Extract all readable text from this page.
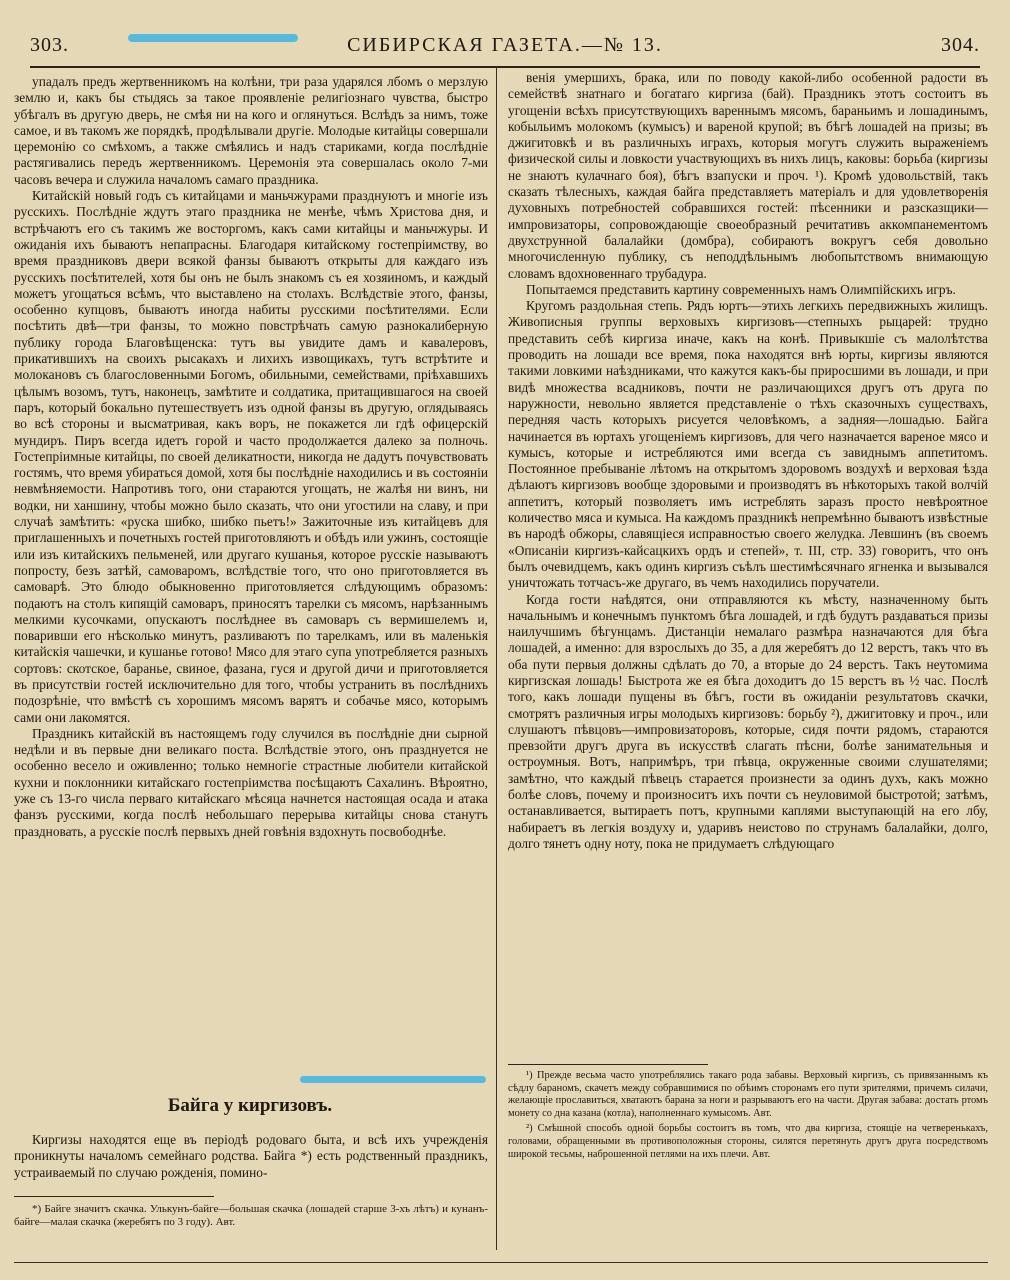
303.	СИБИРСКАЯ ГАЗЕТА.—№ 13.	304.

упадалъ предъ жертвенникомъ на колѣни, три раза ударялся лбомъ о мерзлую землю и, какъ бы стыдясь за такое проявленіе религіознаго чувства, быстро убѣгалъ въ другую дверь, не смѣя ни на кого и оглянуться. Вслѣдъ за нимъ, тоже самое, и въ такомъ же порядкѣ, продѣлывали другіе. Молодые китайцы совершали церемонію со смѣхомъ, а также смѣялись и надъ стариками, когда послѣдніе растягивались передъ жертвенникомъ. Церемонія эта совершалась около 7-ми часовъ вечера и служила началомъ самаго праздника.

Китайскій новый годъ съ китайцами и маньчжурами празднуютъ и многіе изъ русскихъ. Послѣдніе ждутъ этаго праздника не менѣе, чѣмъ Христова дня, и встрѣчаютъ его съ такимъ же восторгомъ, какъ сами китайцы и маньчжуры. И ожиданія ихъ бываютъ непапрасны. Благодаря китайскому гостепріимству, во время праздниковъ двери всякой фанзы бываютъ открыты для каждаго изъ русскихъ посѣтителей, хотя бы онъ не былъ знакомъ съ ея хозяиномъ, и каждый можетъ угощаться всѣмъ, что выставлено на столахъ. Вслѣдствіе этого, фанзы, особенно купцовъ, бываютъ иногда набиты русскими посѣтителями. Если посѣтить двѣ—три фанзы, то можно повстрѣчать самую разнокалиберную публику города Благовѣщенска: тутъ вы увидите дамъ и кавалеровъ, прикатившихъ на своихъ рысакахъ и лихихъ извощикахъ, тутъ встрѣтите и молокановъ съ благословенными Богомъ, обильными, семействами, пріѣхавшихъ цѣлымъ возомъ, тутъ, наконецъ, замѣтите и солдатика, притащившагося на своей паръ, который бокально путешествуетъ изъ одной фанзы въ другую, оглядываясь во всѣ стороны и высматривая, какъ воръ, не покажется ли гдѣ офицерскій мундиръ. Пиръ всегда идетъ горой и часто продолжается далеко за полночь. Гостепріимные китайцы, по своей деликатности, никогда не дадутъ почувствовать гостямъ, что время убираться домой, хотя бы послѣдніе находились и въ состояніи невмѣняемости. Напротивъ того, они стараются угощать, не жалѣя ни винъ, ни водки, ни ханшину, чтобы можно было сказать, что они угостили на славу, и при случаѣ замѣтить: «руска шибко, шибко пьетъ!» Зажиточные изъ китайцевъ для приглашенныхъ и почетныхъ гостей приготовляютъ и обѣдъ или ужинъ, состоящіе или изъ китайскихъ пельменей, или другаго кушанья, которое русскіе называютъ попросту, безъ затѣй, самоваромъ, вслѣдствіе того, что оно приготовляется въ самоварѣ. Это блюдо обыкновенно приготовляется слѣдующимъ образомъ: подаютъ на столъ кипящій самоваръ, приносятъ тарелки съ мясомъ, нарѣзаннымъ мелкими кусочками, опускаютъ послѣднее въ самоваръ съ вермишелемъ и, поваривши его нѣсколько минутъ, разливаютъ по тарелкамъ, или въ маленькія китайскія чашечки, и кушанье готово! Мясо для этаго супа употребляется разныхъ сортовъ: скотское, баранье, свиное, фазана, гуся и другой дичи и приготовляется въ присутствіи гостей исключительно для того, чтобы устранить въ послѣднихъ подозрѣніе, что вмѣстѣ съ хорошимъ мясомъ варятъ и собачье мясо, которымъ сами они лакомятся.

Праздникъ китайскій въ настоящемъ году случился въ послѣдніе дни сырной недѣли и въ первые дни великаго поста. Вслѣдствіе этого, онъ празднуется не особенно весело и оживленно; только немногіе страстные любители китайской кухни и поклонники китайскаго гостепріимства посѣщаютъ Сахалинъ. Вѣроятно, уже съ 13-го числа перваго китайскаго мѣсяца начнется настоящая осада и атака фанзъ русскими, когда послѣ небольшаго перерыва китайцы снова станутъ праздновать, а русскіе послѣ первыхъ дней говѣнія вздохнуть посвободнѣе.

Байга у киргизовъ.

Киргизы находятся еще въ періодѣ родоваго быта, и всѣ ихъ учрежденія проникнуты началомъ семейнаго родства. Байга *) есть родственный праздникъ, устраиваемый по случаю рожденія, помино-

*) Байге значитъ скачка. Улькунъ-байге—большая скачка (лошадей старше 3-хъ лѣтъ) и кунанъ-байге—малая скачка (жеребятъ по 3 году). Авт.

венія умершихъ, брака, или по поводу какой-либо особенной радости въ семействѣ знатнаго и богатаго киргиза (бай). Праздникъ этотъ состоитъ въ угощеніи всѣхъ присутствующихъ вареннымъ мясомъ, бараньимъ и лошадинымъ, кобыльимъ молокомъ (кумысъ) и вареной крупой; въ бѣгѣ лошадей на призы; въ джигитовкѣ и въ различныхъ играхъ, которыя могутъ служить выраженіемъ физической силы и ловкости участвующихъ въ нихъ лицъ, каковы: борьба (киргизы не знаютъ кулачнаго боя), бѣгъ взапуски и проч. ¹). Кромѣ удовольствій, такъ сказать тѣлесныхъ, каждая байга представляетъ матеріалъ и для удовлетворенія духовныхъ потребностей собравшихся гостей: пѣсенники и разсказщики—импровизаторы, сопровождающіе своеобразный речитативъ аккомпанементомъ двухструнной балалайки (домбра), собираютъ вокругъ себя довольно многочисленную публику, съ неподдѣльнымъ любопытствомъ внимающую словамъ вдохновеннаго трубадура.

Попытаемся представить картину современныхъ намъ Олимпійскихъ игръ.

Кругомъ раздольная степь. Рядъ юртъ—этихъ легкихъ передвижныхъ жилищъ. Живописныя группы верховыхъ киргизовъ—степныхъ рыцарей: трудно представить себѣ киргиза иначе, какъ на конѣ. Привыкшіе съ малолѣтства проводить на лошади все время, пока находятся внѣ юрты, киргизы являются такими ловкими наѣздниками, что кажутся какъ-бы приросшими въ лошади, и при видѣ множества всадниковъ, почти не различающихся другъ отъ друга по наружности, невольно является представленіе о тѣхъ сказочныхъ существахъ, передняя часть которыхъ рисуется человѣкомъ, а задняя—лошадью. Байга начинается въ юртахъ угощеніемъ киргизовъ, для чего назначается вареное мясо и кумысъ, которые и истребляются ими всегда съ завиднымъ аппетитомъ. Постоянное пребываніе лѣтомъ на открытомъ здоровомъ воздухѣ и верховая ѣзда дѣлаютъ киргизовъ вообще здоровыми и производятъ въ нѣкоторыхъ такой волчій аппетитъ, который позволяетъ имъ истреблять заразъ просто невѣроятное количество мяса и кумыса. На каждомъ праздникѣ непремѣнно бываютъ извѣстные въ народѣ обжоры, славящіеся исправностью своего желудка. Левшинъ (въ своемъ «Описаніи киргизъ-кайсацкихъ ордъ и степей», т. III, стр. 33) говоритъ, что онъ былъ очевидцемъ, какъ одинъ киргизъ съѣлъ шестимѣсячнаго ягненка и вызывался уничтожать тотчасъ-же другаго, въ чемъ находились поручатели.

Когда гости наѣдятся, они отправляются къ мѣсту, назначенному быть начальнымъ и конечнымъ пунктомъ бѣга лошадей, и гдѣ будутъ раздаваться призы наилучшимъ бѣгунцамъ. Дистанціи немалаго размѣра назначаются для бѣга лошадей, а именно: для взрослыхъ до 35, а для жеребятъ до 12 верстъ, такъ что въ оба пути первыя должны сдѣлать до 70, а вторые до 24 верстъ. Такъ неутомима киргизская лошадь! Быстрота же ея бѣга доходитъ до 15 верстъ въ ½ час. Послѣ того, какъ лошади пущены въ бѣгъ, гости въ ожиданіи результатовъ скачки, смотрятъ различныя игры молодыхъ киргизовъ: борьбу ²), джигитовку и проч., или слушаютъ пѣвцовъ—импровизаторовъ, которые, сидя почти рядомъ, стараются превзойти другъ друга въ искусствѣ слагать пѣсни, болѣе занимательныя и остроумныя. Вотъ, напримѣръ, три пѣвца, окруженные своими слушателями; замѣтно, что каждый пѣвецъ старается произнести за одинъ духъ, какъ можно болѣе словъ, почему и произноситъ ихъ почти съ неуловимой быстротой; затѣмъ, останавливается, вытираетъ потъ, крупными каплями выступающій на его лбу, набираетъ въ легкія воздуху и, ударивъ неистово по струнамъ балалайки, долго, долго тянетъ одну ноту, пока не придумаетъ слѣдующаго

¹) Прежде весьма часто употреблялись такаго рода забавы. Верховый киргизъ, съ привязаннымъ къ сѣдлу бараномъ, скачетъ между собравшимися по обѣимъ сторонамъ его пути зрителями, причемъ силачи, желающіе прославиться, хватаютъ барана за ноги и разрываютъ его на части. Другая забава: достать ртомъ монету со дна казана (котла), наполненнаго кумысомъ. Авт.

²) Смѣшной способъ одной борьбы состоитъ въ томъ, что два киргиза, стоящіе на четверенькахъ, головами, обращенными въ противоположныя стороны, силятся перетянуть другъ друга посредствомъ широкой тесьмы, наброшенной петлями на ихъ плечи. Авт.
